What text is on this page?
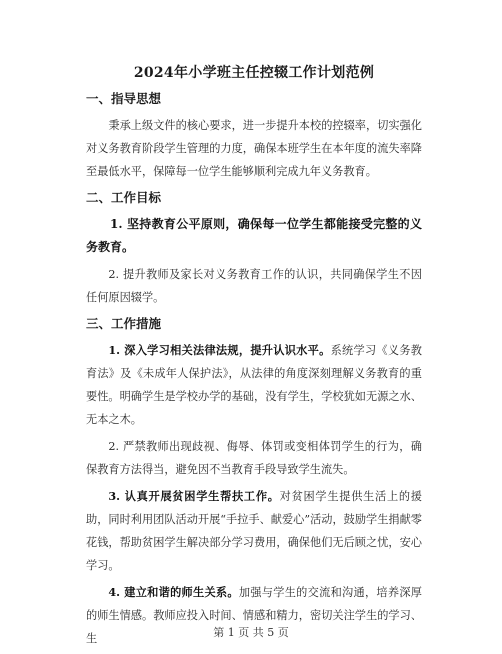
2024年小学班主任控辍工作计划范例
一、指导思想

秉承上级文件的核心要求，进一步提升本校的控辍率，切实强化对义务教育阶段学生管理的力度，确保本班学生在本年度的流失率降至最低水平，保障每一位学生能够顺利完成九年义务教育。

二、工作目标

1. 坚持教育公平原则，确保每一位学生都能接受完整的义务教育。

2. 提升教师及家长对义务教育工作的认识，共同确保学生不因任何原因辍学。

三、工作措施

1. 深入学习相关法律法规，提升认识水平。系统学习《义务教育法》及《未成年人保护法》，从法律的角度深刻理解义务教育的重要性。明确学生是学校办学的基础，没有学生，学校犹如无源之水、无本之木。

2. 严禁教师出现歧视、侮辱、体罚或变相体罚学生的行为，确保教育方法得当，避免因不当教育手段导致学生流失。

3. 认真开展贫困学生帮扶工作。对贫困学生提供生活上的援助，同时利用团队活动开展“手拉手、献爱心”活动，鼓励学生捐献零花钱，帮助贫困学生解决部分学习费用，确保他们无后顾之忧，安心学习。

4. 建立和谐的师生关系。加强与学生的交流和沟通，培养深厚的师生情感。教师应投入时间、情感和精力，密切关注学生的学习、生	第 1 页 共 5 页
